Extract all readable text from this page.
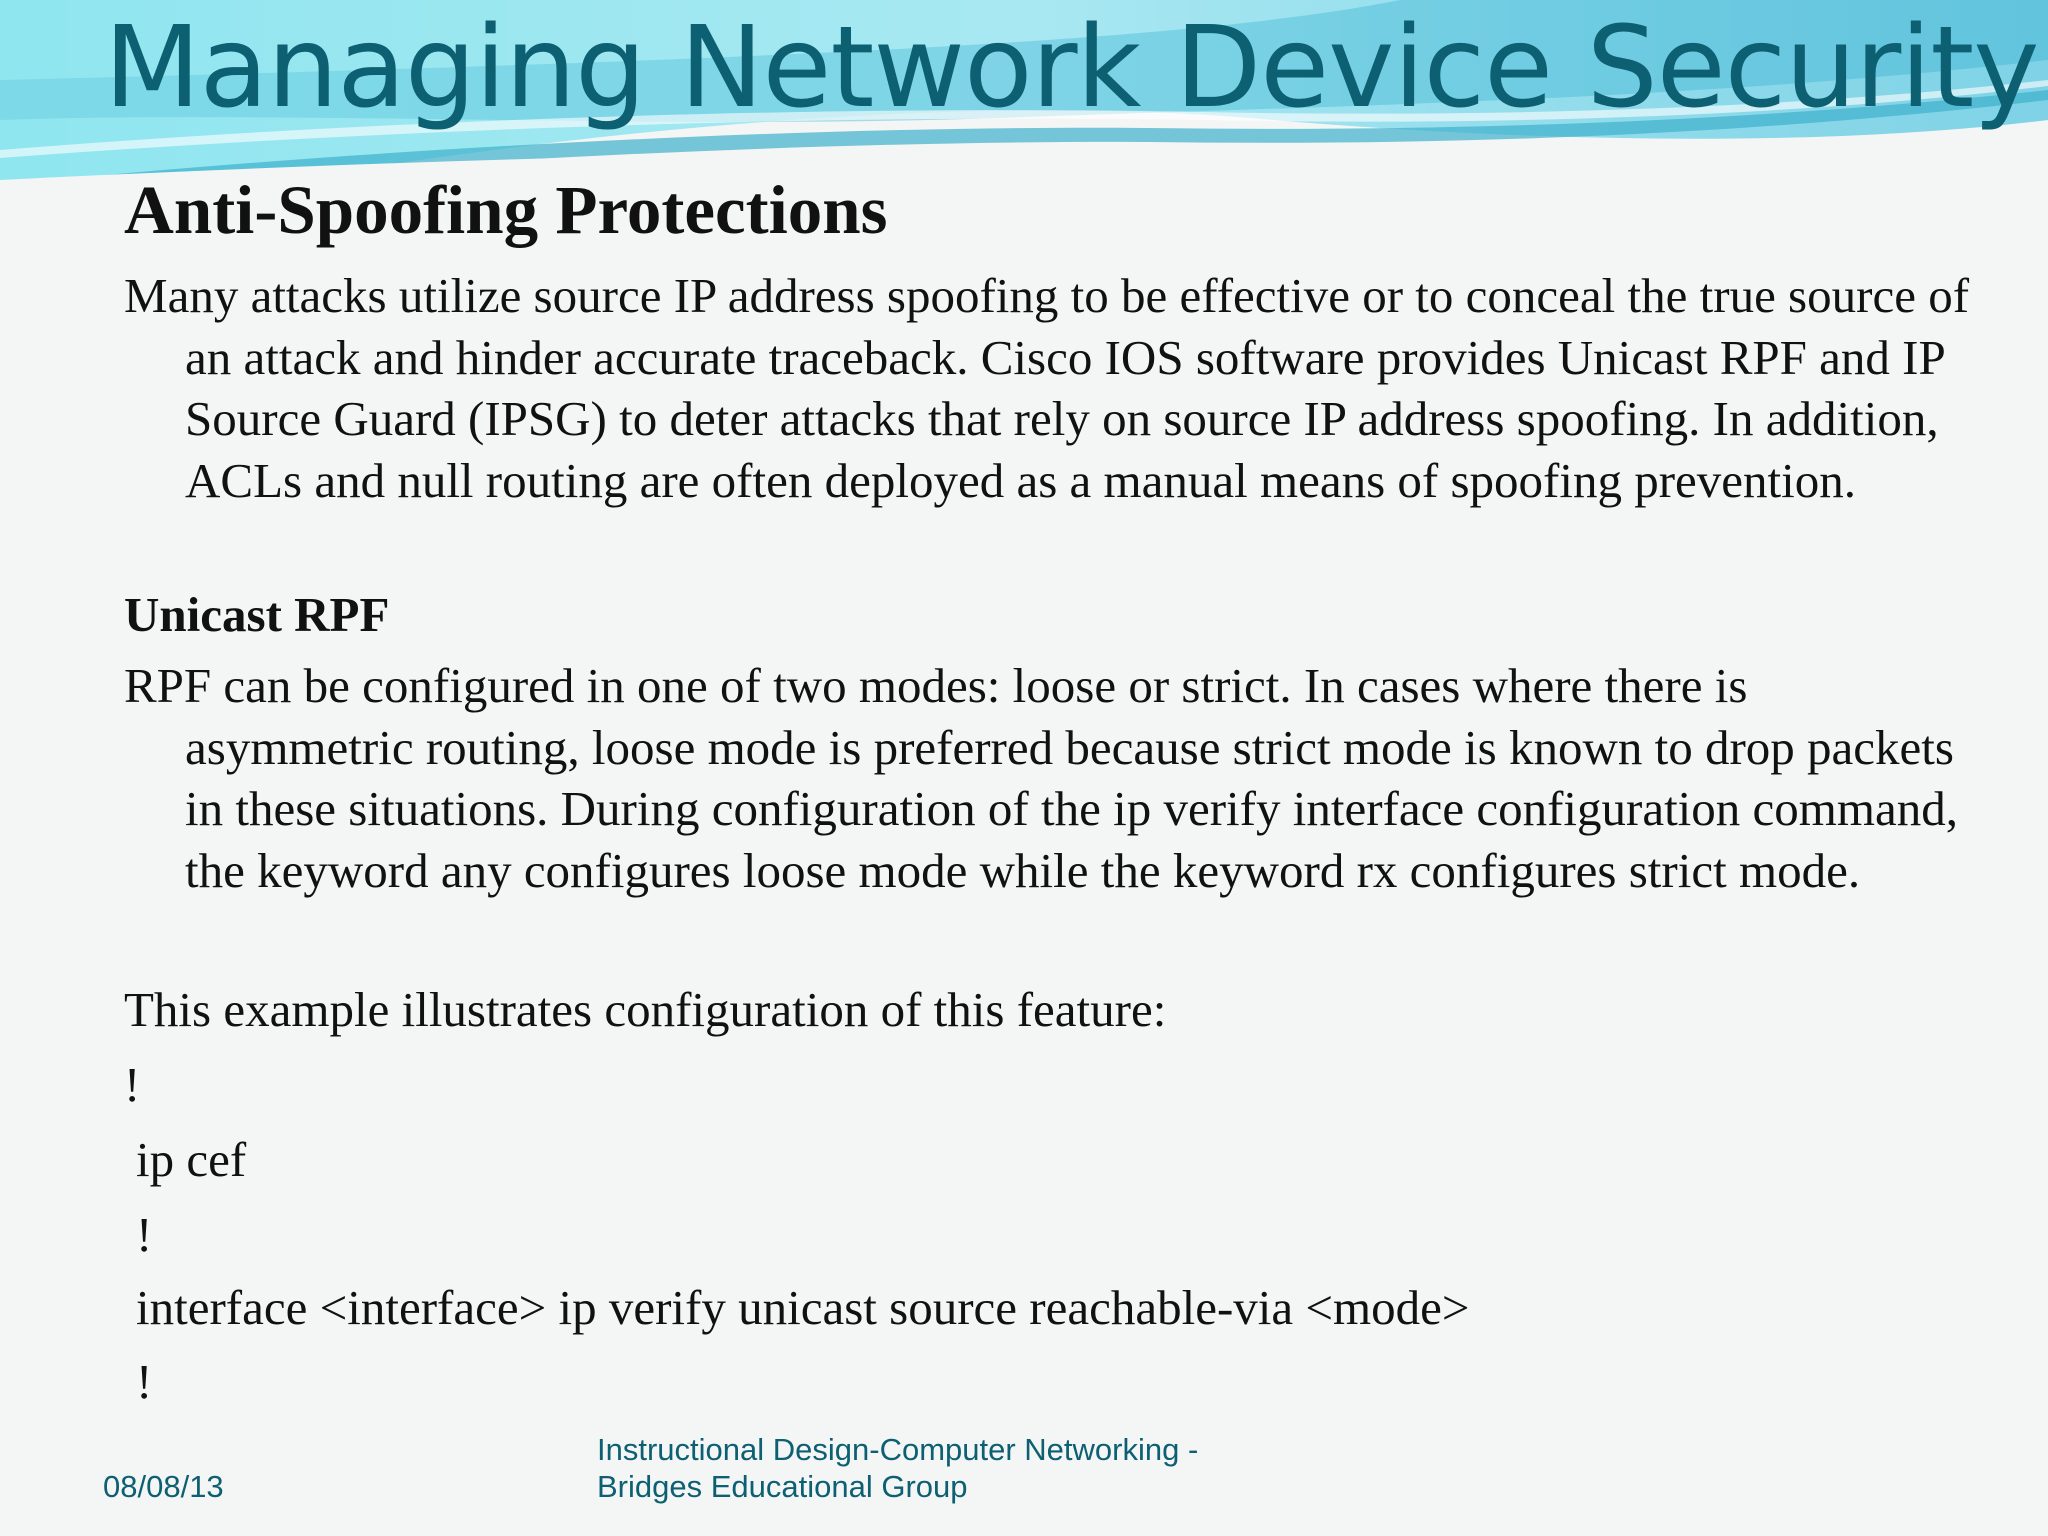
Managing Network Device Security
Anti-Spoofing Protections

Many attacks utilize source IP address spoofing to be effective or to conceal the true source of an attack and hinder accurate traceback. Cisco IOS software provides Unicast RPF and IP Source Guard (IPSG) to deter attacks that rely on source IP address spoofing. In addition, ACLs and null routing are often deployed as a manual means of spoofing prevention.

Unicast RPF

RPF can be configured in one of two modes: loose or strict. In cases where there is asymmetric routing, loose mode is preferred because strict mode is known to drop packets in these situations. During configuration of the ip verify interface configuration command, the keyword any configures loose mode while the keyword rx configures strict mode.

This example illustrates configuration of this feature:

!

ip cef

!

interface <interface> ip verify unicast source reachable-via <mode>

!

08/08/13

Instructional Design-Computer Networking -
Bridges Educational Group
